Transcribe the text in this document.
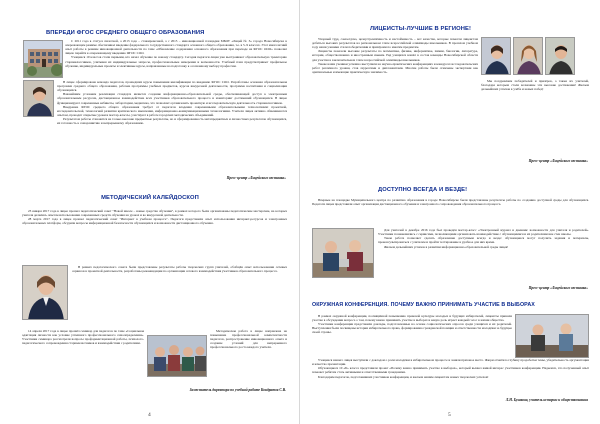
ВПЕРЕДИ ФГОС СРЕДНЕГО ОБЩЕГО ОБРАЗОВАНИЯ

С 2011 года в статусе пилотной, а 2013 года – стажировочной, а с 2015 – инновационной площадки МБОУ «Лицей № 3» города Новосибирска в опережающем режиме обеспечивал введение федерального государственного стандарта основного общего образования, т.е. в 5–9 классах. Этот многолетний опыт работы в режиме инновационной деятельности по теме «Обновление содержания основного образования при переходе на ФГОС ООО» позволил лицею перейти к опережающему введению ФГОС СОО.

Учащиеся 10 классов стали первыми, кто начал обучение по новому стандарту. Сегодня педагоги лицея уже выстраивают образовательную траекторию старшеклассников, учитывая их индивидуальные запросы, профессиональные намерения и возможности. Учебный план предусматривает профильное обучение, индивидуальные проекты и элективные курсы, направленные на подготовку к осознанному выбору профессии.

В лицее сформирована команда педагогов, прошедших курсы повышения квалификации по введению ФГОС СОО. Разработаны основная образовательная программа среднего общего образования, рабочие программы учебных предметов, курсов внеурочной деятельности, программа воспитания и социализации обучающихся.

Важнейшим условием реализации стандарта является создание информационно-образовательной среды, обеспечивающей доступ к электронным образовательным ресурсам, дистанционное взаимодействие всех участников образовательного процесса и мониторинг достижений обучающихся. В лицее функционируют современные кабинеты, лаборатории, медиатека, что позволяет организовать проектную и исследовательскую деятельность старшеклассников.

Внедрение ФГОС среднего общего образования требует от педагогов владения современными образовательными технологиями: проектной, исследовательской, технологией развития критического мышления, информационно-коммуникационными технологиями. Учителя лицея активно обмениваются опытом, проводят открытые уроки и мастер-классы, участвуют в работе городских методических объединений.

Результатом работы становятся не только высокие предметные результаты, но и сформированность метапредметных и личностных результатов обучающихся, их готовность к саморазвитию и непрерывному образованию.

Пресс-центр «Лицейского вестника»
МЕТОДИЧЕСКИЙ КАЛЕЙДОСКОП

23 января 2017 года в лицее прошел педагогический совет "Новой школе – новые средства обучения", в рамках которого были организованы педагогические мастерские, на которых учителя делились опытом использования современных средств обучения на уроках и во внеурочной деятельности.

28 марта 2017 года в лицее прошел педагогический совет "Интернет в учебном процессе". Педагоги представили опыт использования интернет-ресурсов и электронных образовательных платформ, обсудили вопросы информационной безопасности обучающихся и возможности дистанционного обучения.

В рамках педагогического совета были представлены результаты работы творческих групп учителей, обобщён опыт использования сетевых сервисов в проектной деятельности, разработаны рекомендации по организации сетевого взаимодействия участников образовательного процесса.

14 апреля 2017 года в лицее прошёл семинар для педагогов по теме «Социальная адаптация личности как условие успешного профессионального самоопределения». Участники семинара рассмотрели вопросы профориентационной работы, психолого-педагогического сопровождения старшеклассников и взаимодействия с родителями.

Методическая работа в лицее направлена на повышение профессиональной компетентности педагогов, распространение инновационного опыта и создание условий для непрерывного профессионального роста каждого учителя.

Заместитель директора по учебной работе Кондратов С.В.
4
ЛИЦЕИСТЫ-ЛУЧШИЕ В РЕГИОНЕ!

Упорный труд, самоотдача, целеустремлённость и настойчивость – вот качества, которые помогли лицеистам добиться высоких результатов на региональном этапе всероссийской олимпиады школьников. В прошлом учебном году наши ученики стали победителями и призёрами по многим предметам.

Лицеисты показали высокие результаты по математике, физике, информатике, химии, биологии, литературе, истории, обществознанию и иностранным языкам. Ряд учащихся вошёл в состав команды Новосибирской области для участия в заключительном этапе всероссийской олимпиады школьников.

Также наши ученики успешно выступили на научно-практических конференциях и конкурсах исследовательских работ различного уровня, став лауреатами и дипломантами. Многие работы были отмечены экспертами как оригинальные и имеющие практическую значимость.

Мы поздравляем победителей и призёров, а также их учителей, благодаря которым стали возможны эти высокие достижения! Желаем дальнейших успехов в учёбе и новых побед!

Пресс-центр «Лицейского вестника»
ДОСТУПНО ВСЕГДА И ВЕЗДЕ!

Впервые на площадке Муниципального центра по развитию образования в городе Новосибирске были представлены результаты работы по созданию доступной среды для обучающихся. Педагоги лицея представили опыт организации дистанционного обучения и электронного сопровождения образовательного процесса.

Для учителей в декабре 2016 года был проведён мастер-класс «Электронный журнал и дневник: возможности для учителя и родителей». Участники познакомились с сервисами, позволяющими организовать взаимодействие с обучающимися и их родителями вне стен школы.

Такая работа позволяет сделать образование доступным всегда и везде: обучающиеся могут получить задания и материалы, проконсультироваться с учителем и пройти тестирование в удобное для них время.

Желаем дальнейших успехов в развитии информационно-образовательной среды лицея!

Пресс-центр «Лицейского вестника»
ОКРУЖНАЯ КОНФЕРЕНЦИЯ. ПОЧЕМУ ВАЖНО ПРИНИМАТЬ УЧАСТИЕ В ВЫБОРАХ

В рамках окружной конференции, посвящённой повышению правовой культуры молодых и будущих избирателей, лицеисты приняли участие в обсуждении вопроса о том, почему важно принимать участие в выборах и какую роль играет каждый голос в жизни общества.

Участники конференции представили доклады, подготовленные на основе социологических опросов среди учащихся и их родителей. Выступления были посвящены истории избирательного права, формированию гражданской позиции и ответственности молодёжи за будущее своей страны.

Учащиеся нашего лицея выступили с докладом о роли молодёжи в избирательном процессе и заняли призовое место. Жюри отметило глубину проработки темы, убедительность аргументации и качество презентации.

Обучающиеся 10 «Б» класса представили проект «Почему важно принимать участие в выборах», который вызвал живой интерес участников конференции. Надеемся, что полученный опыт поможет ребятам стать активными и ответственными гражданами.

Благодарим педагогов, подготовивших участников конференции, и желаем нашим лицеистам новых творческих успехов!

Л.Н. Бушкова, учитель истории и обществознания
5
